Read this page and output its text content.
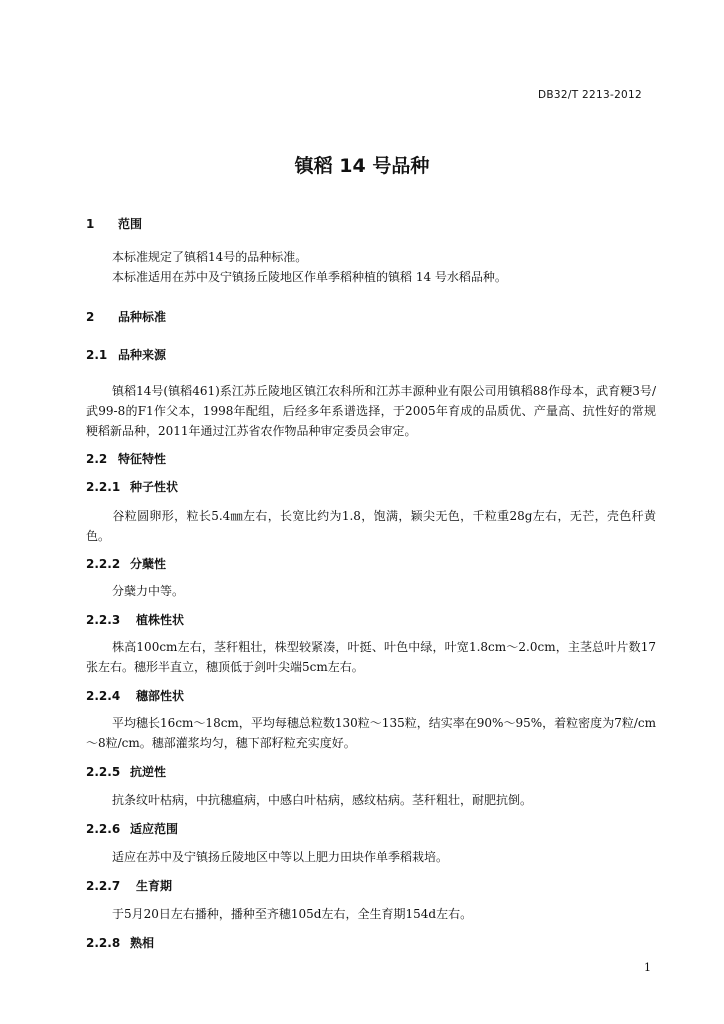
DB32/T 2213-2012
镇稻 14 号品种
1 范围
本标准规定了镇稻14号的品种标准。
本标准适用在苏中及宁镇扬丘陵地区作单季稻种植的镇稻 14 号水稻品种。
2 品种标准
2.1 品种来源
镇稻14号(镇稻461)系江苏丘陵地区镇江农科所和江苏丰源种业有限公司用镇稻88作母本，武育粳3号/武99-8的F1作父本，1998年配组，后经多年系谱选择，于2005年育成的品质优、产量高、抗性好的常规粳稻新品种，2011年通过江苏省农作物品种审定委员会审定。
2.2 特征特性
2.2.1 种子性状
谷粒圆卵形，粒长5.4㎜左右，长宽比约为1.8，饱满，颖尖无色，千粒重28g左右，无芒，壳色秆黄色。
2.2.2 分蘖性
分蘖力中等。
2.2.3 植株性状
株高100cm左右，茎秆粗壮，株型较紧凑，叶挺、叶色中绿，叶宽1.8cm～2.0cm，主茎总叶片数17张左右。穗形半直立，穗顶低于剑叶尖端5cm左右。
2.2.4 穗部性状
平均穗长16cm～18cm，平均每穗总粒数130粒～135粒，结实率在90%～95%，着粒密度为7粒/cm～8粒/cm。穗部灌浆均匀，穗下部籽粒充实度好。
2.2.5 抗逆性
抗条纹叶枯病，中抗穗瘟病，中感白叶枯病，感纹枯病。茎秆粗壮，耐肥抗倒。
2.2.6 适应范围
适应在苏中及宁镇扬丘陵地区中等以上肥力田块作单季稻栽培。
2.2.7 生育期
于5月20日左右播种，播种至齐穗105d左右，全生育期154d左右。
2.2.8 熟相
1
